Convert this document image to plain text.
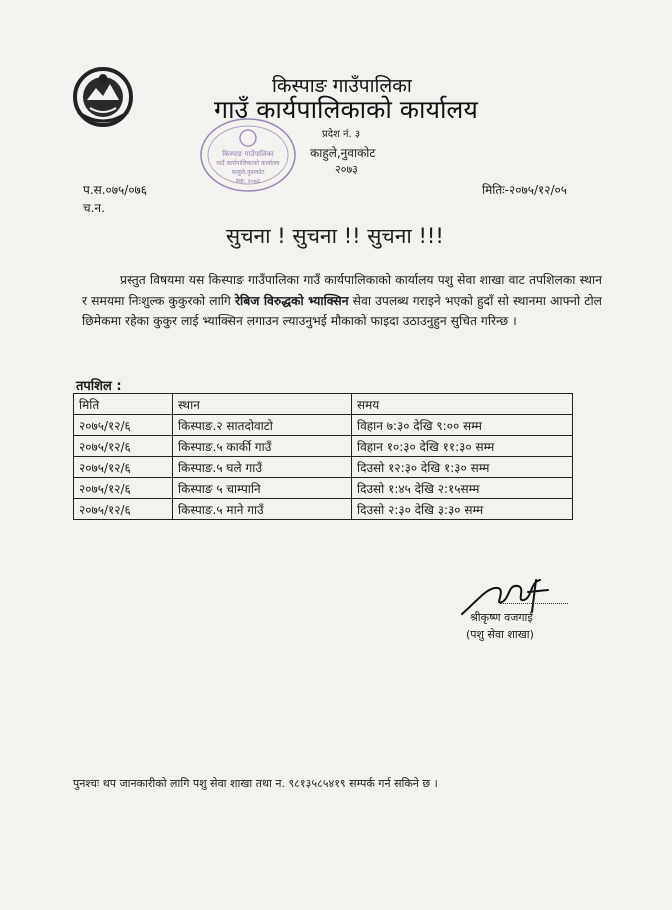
किस्पाङ गाउँपालिका
गाउँ कार्यपालिकाको कार्यालय
प्रदेश नं. ३
काहुले,नुवाकोट
२०७३
किस्पाङ गाउँपालिका
गाउँ कार्यपालिकाको कार्यालय
काहुले,नुवाकोट
स्था: २०७३
प.स.०७५/०७६
च.न.
मितिः-२०७५/१२/०५
सुचना ! सुचना !! सुचना !!!
प्रस्तुत विषयमा यस किस्पाङ गाउँपालिका गाउँ कार्यपालिकाको कार्यालय पशु सेवा शाखा वाट तपशिलका स्थान र समयमा निःशुल्क कुकुरको लागि रेबिज विरुद्धको भ्याक्सिन सेवा उपलब्ध गराइने भएको हुदाँ सो स्थानमा आफ्नो टोल छिमेकमा रहेका कुकुर लाई भ्याक्सिन लगाउन ल्याउनुभई मौकाको फाइदा उठाउनुहुन सुचित गरिन्छ ।
तपशिल :
मिति	स्थान	समय
२०७५/१२/६	किस्पाङ.२ सातदोवाटो	विहान ७:३० देखि ९:०० सम्म
२०७५/१२/६	किस्पाङ.५ कार्की गाउँ	विहान १०:३० देखि ११:३० सम्म
२०७५/१२/६	किस्पाङ.५ घले गाउँ	दिउसो १२:३० देखि १:३० सम्म
२०७५/१२/६	किस्पाङ ५ चाम्पानि	दिउसो १:४५ देखि २:१५सम्म
२०७५/१२/६	किस्पाङ.५ माने गाउँ	दिउसो २:३० देखि ३:३० सम्म
श्रीकृष्ण वजगाई
(पशु सेवा शाखा)
पुनश्चः थप जानकारीको लागि पशु सेवा शाखा तथा न. ९८१३५८५४१९ सम्पर्क गर्न सकिने छ ।
